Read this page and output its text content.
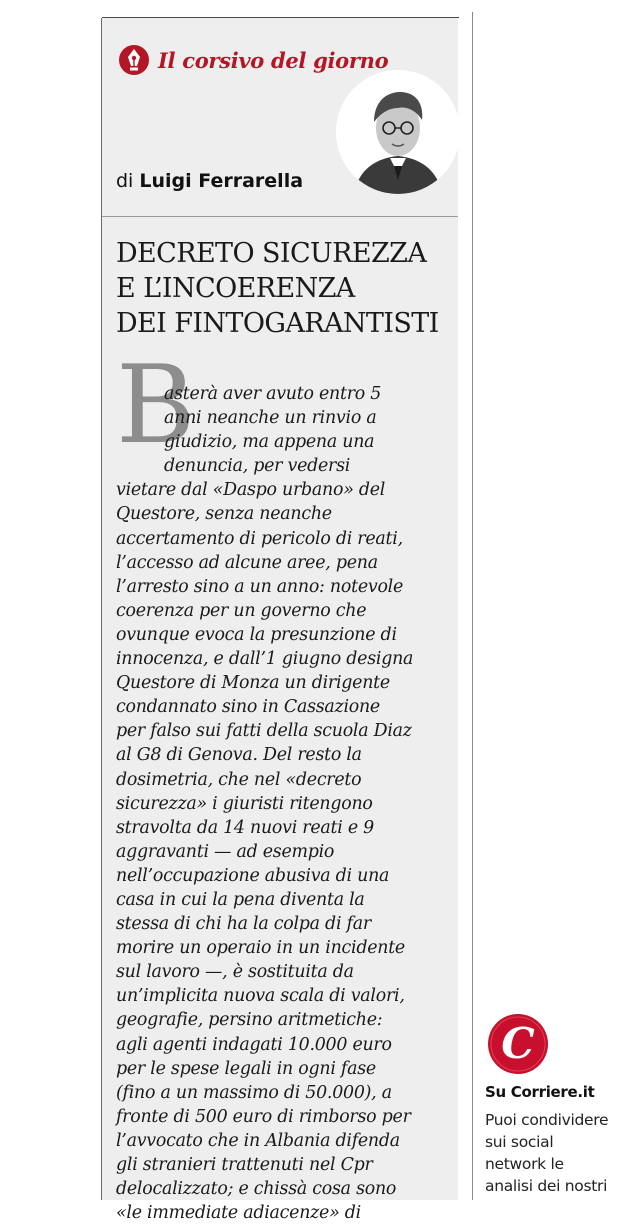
Il corsivo del giorno
di Luigi Ferrarella
DECRETO SICUREZZA
E L’INCOERENZA
DEI FINTOGARANTISTI
B
asterà aver avuto entro 5
anni neanche un rinvio a
giudizio, ma appena una
denuncia, per vedersi
vietare dal «Daspo urbano» del
Questore, senza neanche
accertamento di pericolo di reati,
l’accesso ad alcune aree, pena
l’arresto sino a un anno: notevole
coerenza per un governo che
ovunque evoca la presunzione di
innocenza, e dall’1 giugno designa
Questore di Monza un dirigente
condannato sino in Cassazione
per falso sui fatti della scuola Diaz
al G8 di Genova. Del resto la
dosimetria, che nel «decreto
sicurezza» i giuristi ritengono
stravolta da 14 nuovi reati e 9
aggravanti — ad esempio
nell’occupazione abusiva di una
casa in cui la pena diventa la
stessa di chi ha la colpa di far
morire un operaio in un incidente
sul lavoro —, è sostituita da
un’implicita nuova scala di valori,
geografie, persino aritmetiche:
agli agenti indagati 10.000 euro
per le spese legali in ogni fase
(fino a un massimo di 50.000), a
fronte di 500 euro di rimborso per
l’avvocato che in Albania difenda
gli stranieri trattenuti nel Cpr
delocalizzato; e chissà cosa sono
«le immediate adiacenze» di
C
Su Corriere.it
Puoi condividere
sui social
network le
analisi dei nostri
